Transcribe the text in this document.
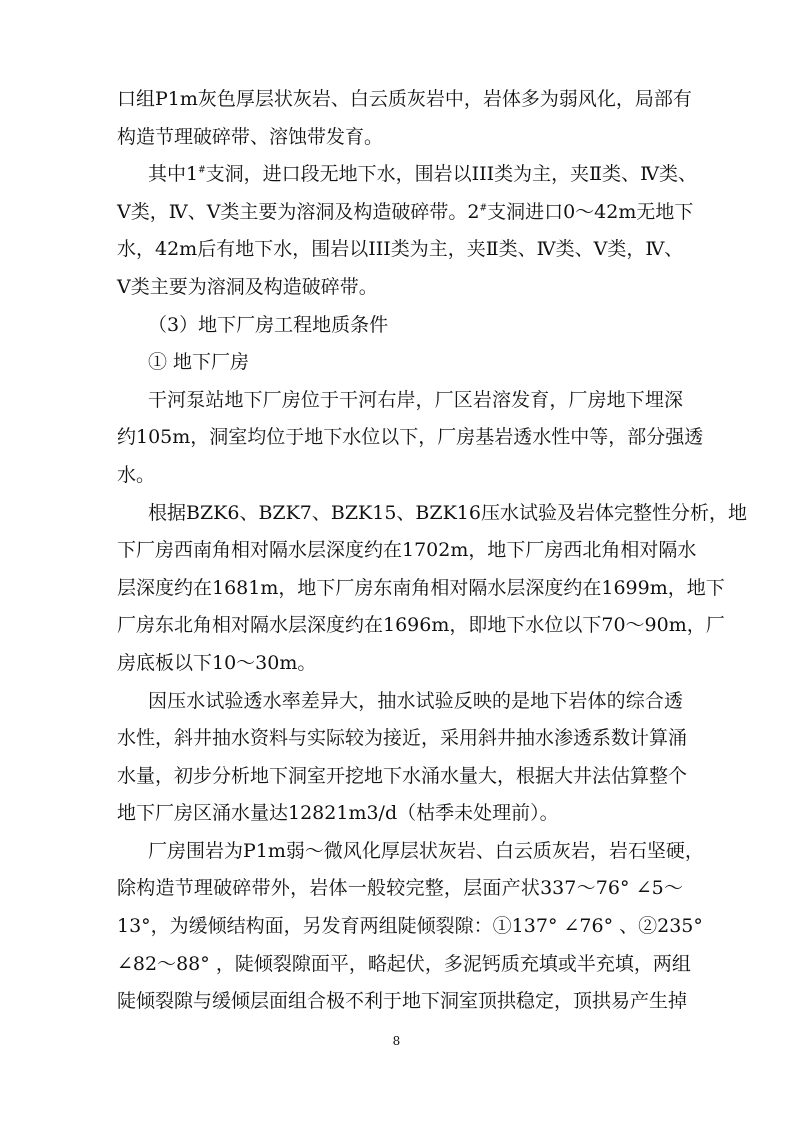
口组P1m灰色厚层状灰岩、白云质灰岩中，岩体多为弱风化，局部有
构造节理破碎带、溶蚀带发育。
其中1#支洞，进口段无地下水，围岩以III类为主，夹Ⅱ类、Ⅳ类、
Ⅴ类，Ⅳ、Ⅴ类主要为溶洞及构造破碎带。2#支洞进口0～42m无地下
水，42m后有地下水，围岩以III类为主，夹Ⅱ类、Ⅳ类、Ⅴ类，Ⅳ、
Ⅴ类主要为溶洞及构造破碎带。
（3）地下厂房工程地质条件
① 地下厂房
干河泵站地下厂房位于干河右岸，厂区岩溶发育，厂房地下埋深
约105m，洞室均位于地下水位以下，厂房基岩透水性中等，部分强透
水。
根据BZK6、BZK7、BZK15、BZK16压水试验及岩体完整性分析，地
下厂房西南角相对隔水层深度约在1702m，地下厂房西北角相对隔水
层深度约在1681m，地下厂房东南角相对隔水层深度约在1699m，地下
厂房东北角相对隔水层深度约在1696m，即地下水位以下70～90m，厂
房底板以下10～30m。
因压水试验透水率差异大，抽水试验反映的是地下岩体的综合透
水性，斜井抽水资料与实际较为接近，采用斜井抽水渗透系数计算涌
水量，初步分析地下洞室开挖地下水涌水量大，根据大井法估算整个
地下厂房区涌水量达12821m3/d（枯季未处理前）。
厂房围岩为P1m弱～微风化厚层状灰岩、白云质灰岩，岩石坚硬，
除构造节理破碎带外，岩体一般较完整，层面产状337～76° ∠5～
13°，为缓倾结构面，另发育两组陡倾裂隙：①137° ∠76° 、②235°
∠82～88° ，陡倾裂隙面平，略起伏，多泥钙质充填或半充填，两组
陡倾裂隙与缓倾层面组合极不利于地下洞室顶拱稳定，顶拱易产生掉
8
